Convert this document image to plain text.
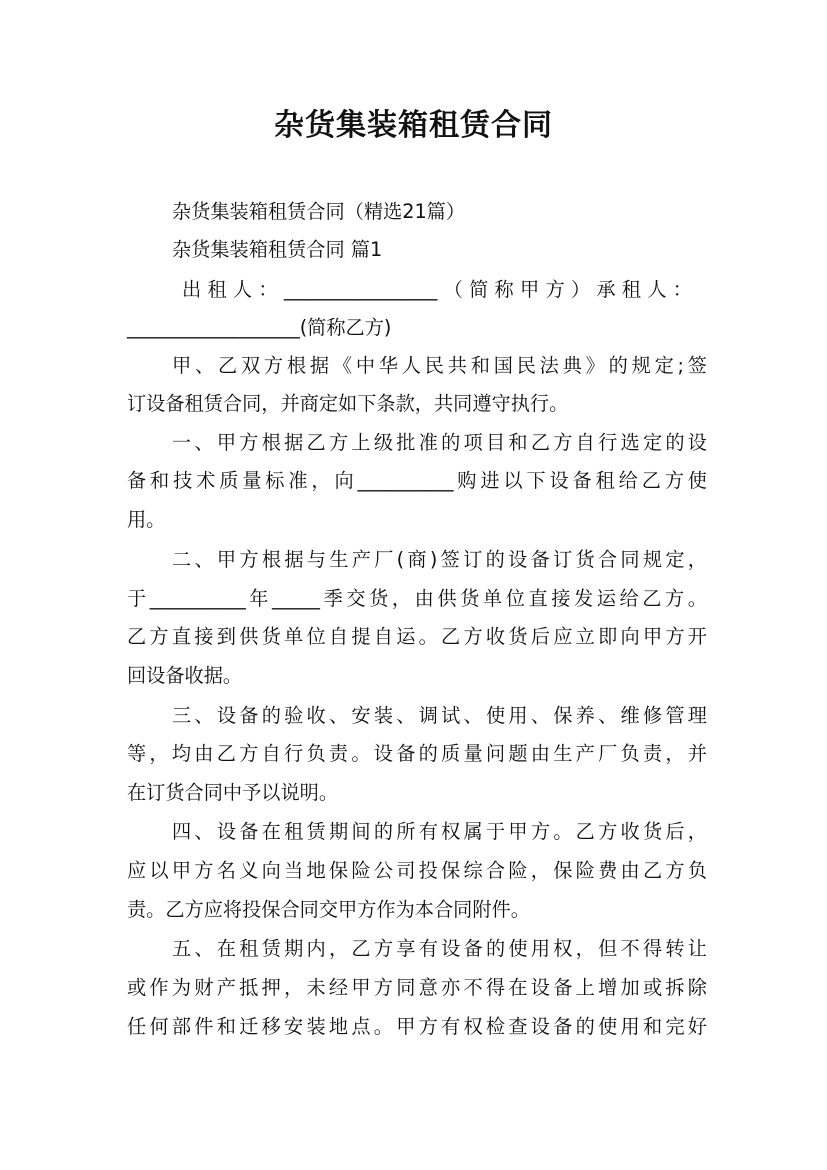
杂货集装箱租赁合同

杂货集装箱租赁合同（精选21篇）

杂货集装箱租赁合同 篇1

出租人：________________（简称甲方）承租人：

__________________(简称乙方)

甲、乙双方根据《中华人民共和国民法典》的规定;签

订设备租赁合同，并商定如下条款，共同遵守执行。

一、甲方根据乙方上级批准的项目和乙方自行选定的设

备和技术质量标准，向__________购进以下设备租给乙方使

用。

二、甲方根据与生产厂(商)签订的设备订货合同规定，

于__________年_____季交货，由供货单位直接发运给乙方。

乙方直接到供货单位自提自运。乙方收货后应立即向甲方开

回设备收据。

三、设备的验收、安装、调试、使用、保养、维修管理

等，均由乙方自行负责。设备的质量问题由生产厂负责，并

在订货合同中予以说明。

四、设备在租赁期间的所有权属于甲方。乙方收货后，

应以甲方名义向当地保险公司投保综合险，保险费由乙方负

责。乙方应将投保合同交甲方作为本合同附件。

五、在租赁期内，乙方享有设备的使用权，但不得转让

或作为财产抵押，未经甲方同意亦不得在设备上增加或拆除

任何部件和迁移安装地点。甲方有权检查设备的使用和完好
